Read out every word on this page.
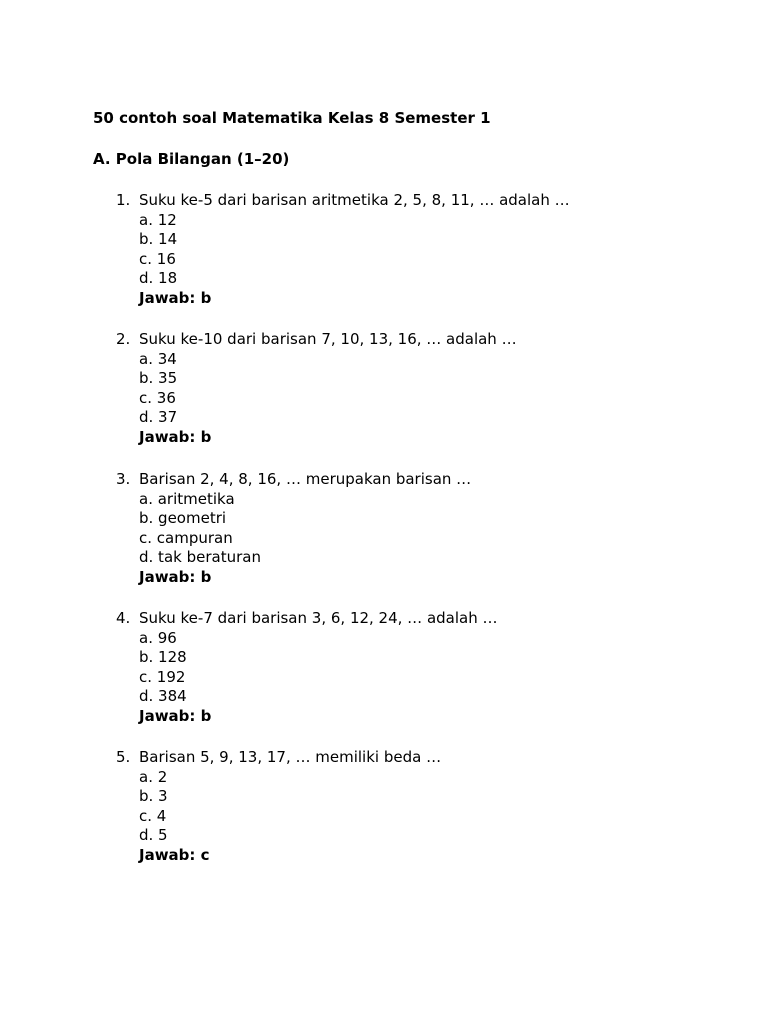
50 contoh soal Matematika Kelas 8 Semester 1
A. Pola Bilangan (1–20)
1. Suku ke-5 dari barisan aritmetika 2, 5, 8, 11, … adalah …
a. 12
b. 14
c. 16
d. 18
Jawab: b
2. Suku ke-10 dari barisan 7, 10, 13, 16, … adalah …
a. 34
b. 35
c. 36
d. 37
Jawab: b
3. Barisan 2, 4, 8, 16, … merupakan barisan …
a. aritmetika
b. geometri
c. campuran
d. tak beraturan
Jawab: b
4. Suku ke-7 dari barisan 3, 6, 12, 24, … adalah …
a. 96
b. 128
c. 192
d. 384
Jawab: b
5. Barisan 5, 9, 13, 17, … memiliki beda …
a. 2
b. 3
c. 4
d. 5
Jawab: c
